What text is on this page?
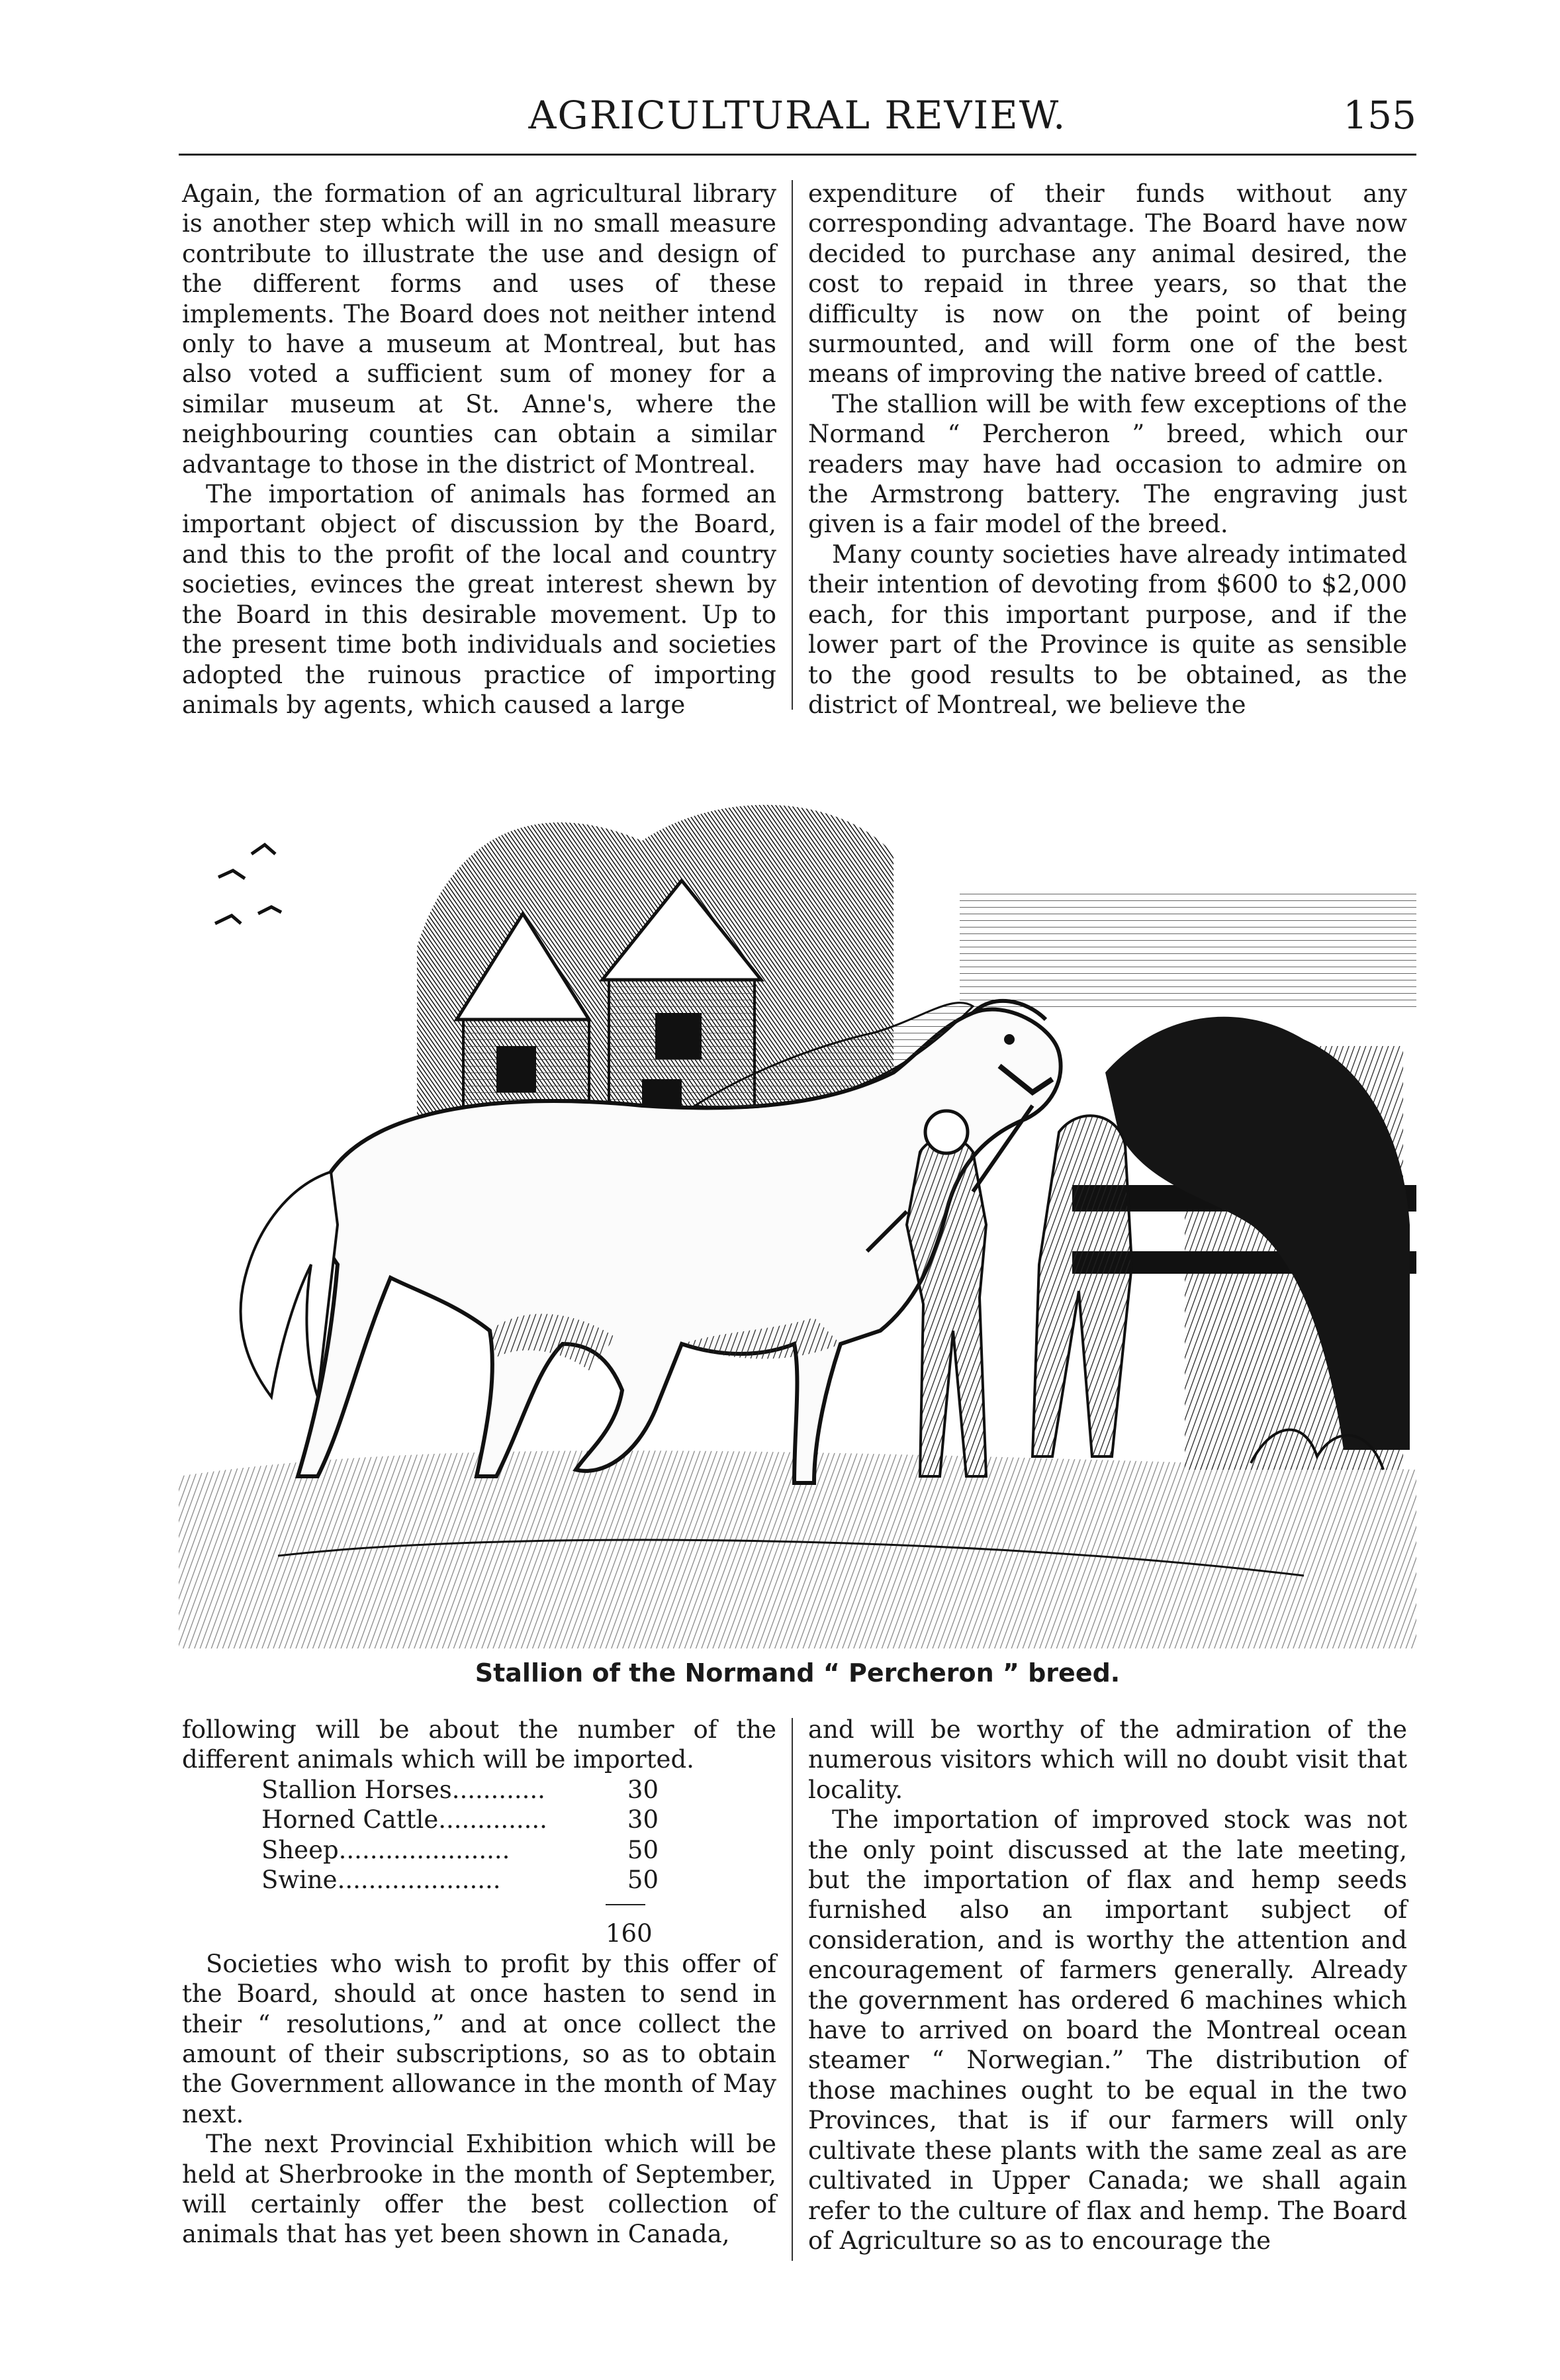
AGRICULTURAL REVIEW.	155

Again, the formation of an agricultural library is another step which will in no small measure contribute to illustrate the use and design of the different forms and uses of these implements. The Board does not neither intend only to have a museum at Montreal, but has also voted a sufficient sum of money for a similar museum at St. Anne's, where the neighbouring counties can obtain a similar advantage to those in the district of Montreal.

The importation of animals has formed an important object of discussion by the Board, and this to the profit of the local and country societies, evinces the great interest shewn by the Board in this desirable movement. Up to the present time both individuals and societies adopted the ruinous practice of importing animals by agents, which caused a large

expenditure of their funds without any corresponding advantage. The Board have now decided to purchase any animal desired, the cost to repaid in three years, so that the difficulty is now on the point of being surmounted, and will form one of the best means of improving the native breed of cattle.

The stallion will be with few exceptions of the Normand “ Percheron ” breed, which our readers may have had occasion to admire on the Armstrong battery. The engraving just given is a fair model of the breed.

Many county societies have already intimated their intention of devoting from $600 to $2,000 each, for this important purpose, and if the lower part of the Province is quite as sensible to the good results to be obtained, as the district of Montreal, we believe the

Stallion of the Normand “ Percheron ” breed.

following will be about the number of the different animals which will be imported.

Stallion Horses............	30
Horned Cattle..............	30
Sheep......................	50
Swine.....................	50
160

Societies who wish to profit by this offer of the Board, should at once hasten to send in their “ resolutions,” and at once collect the amount of their subscriptions, so as to obtain the Government allowance in the month of May next.

The next Provincial Exhibition which will be held at Sherbrooke in the month of September, will certainly offer the best collection of animals that has yet been shown in Canada,

and will be worthy of the admiration of the numerous visitors which will no doubt visit that locality.

The importation of improved stock was not the only point discussed at the late meeting, but the importation of flax and hemp seeds furnished also an important subject of consideration, and is worthy the attention and encouragement of farmers generally. Already the government has ordered 6 machines which have to arrived on board the Montreal ocean steamer “ Norwegian.” The distribution of those machines ought to be equal in the two Provinces, that is if our farmers will only cultivate these plants with the same zeal as are cultivated in Upper Canada; we shall again refer to the culture of flax and hemp. The Board of Agriculture so as to encourage the
